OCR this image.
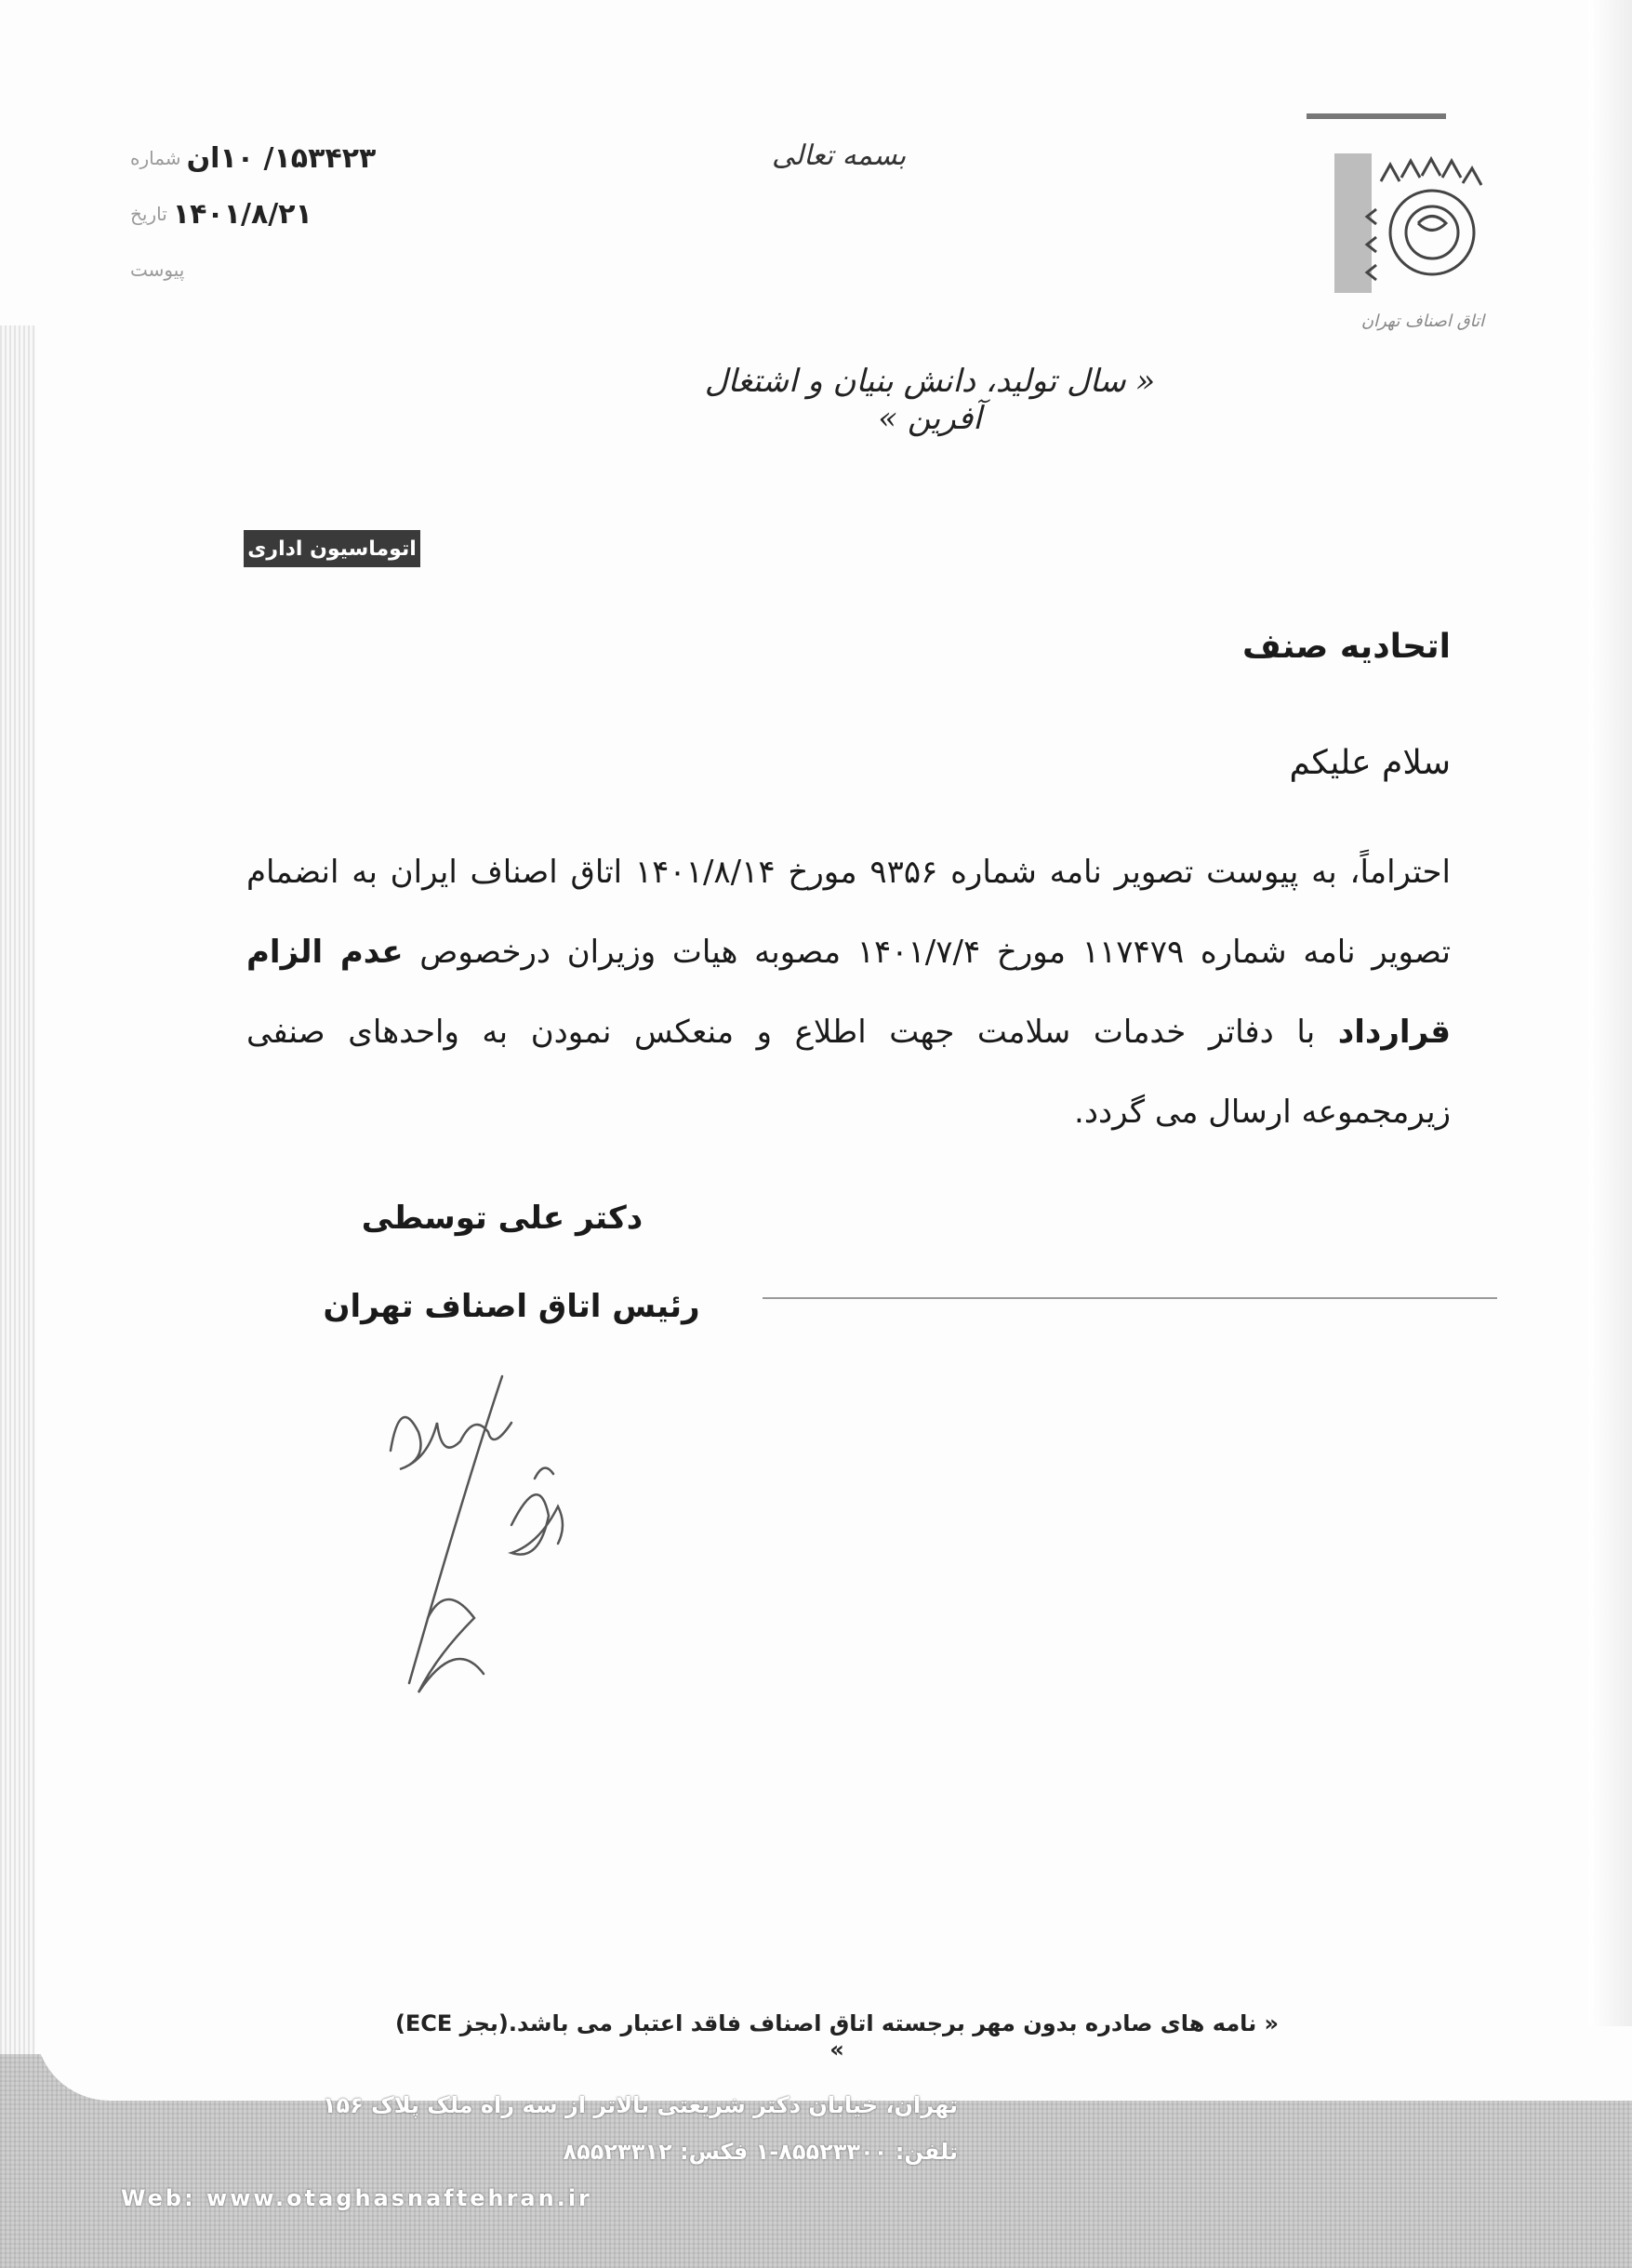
شماره ۱۵۳۴۲۳/ ۱۰ان
تاریخ ۱۴۰۱/۸/۲۱
پیوست
بسمه تعالی
اتاق اصناف تهران
« سال تولید، دانش بنیان و اشتغال آفرین »
اتوماسیون اداری
اتحادیه صنف
سلام علیکم
احتراماً، به پیوست تصویر نامه شماره ۹۳۵۶ مورخ ۱۴۰۱/۸/۱۴ اتاق اصناف ایران به انضمام تصویر نامه شماره ۱۱۷۴۷۹ مورخ ۱۴۰۱/۷/۴ مصوبه هیات وزیران درخصوص عدم الزام قرارداد با دفاتر خدمات سلامت جهت اطلاع و منعکس نمودن به واحدهای صنفی زیرمجموعه ارسال می گردد.
دکتر علی توسطی
رئیس اتاق اصناف تهران
« نامه های صادره بدون مهر برجسته اتاق اصناف فاقد اعتبار می باشد.(بجز ECE) »
تهران، خیابان دکتر شریعتی بالاتر از سه راه ملک پلاک ۱۵۶
تلفن: ۸۵۵۲۳۳۰۰-۱ فکس: ۸۵۵۲۳۳۱۲
Web: www.otaghasnaftehran.ir
